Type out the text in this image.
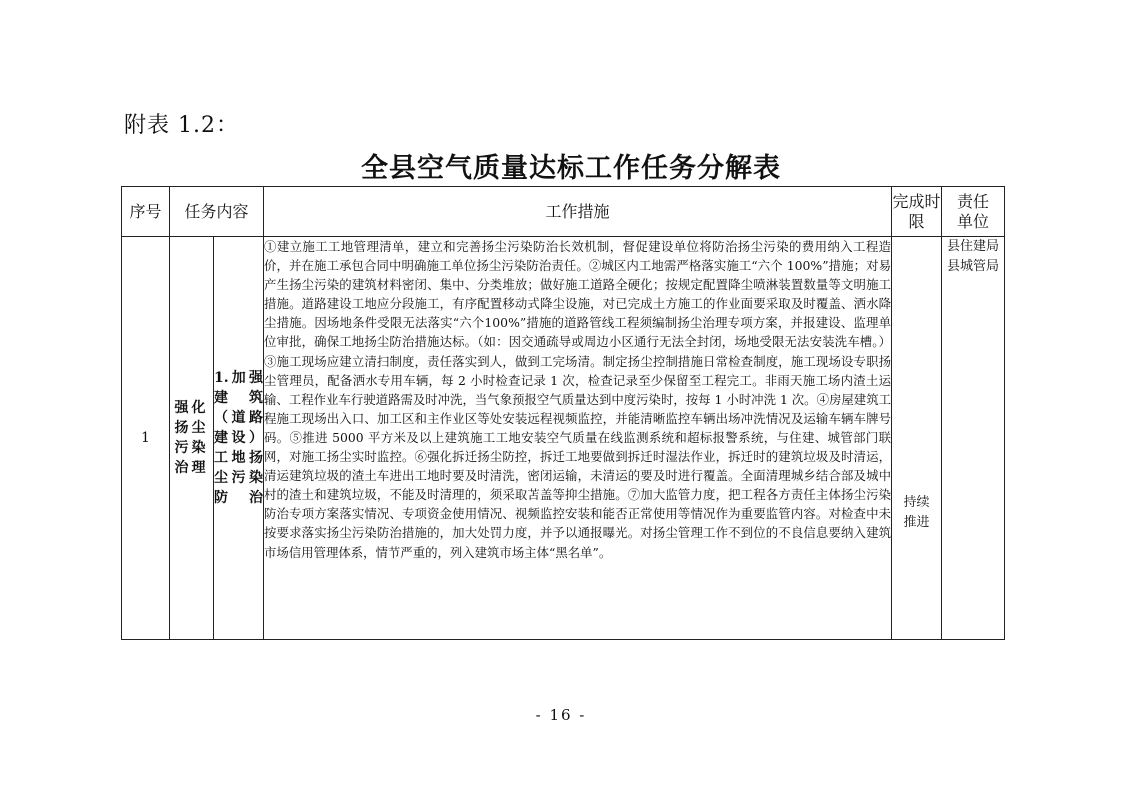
附表 1.2：
全县空气质量达标工作任务分解表
序号	任务内容		工作措施	完成时限	责任单位

1	强化扬尘污染治理	1.加强建筑（道路建设）工地扬尘污染防治	①建立施工工地管理清单，建立和完善扬尘污染防治长效机制，督促建设单位将防治扬尘污染的费用纳入工程造价，并在施工承包合同中明确施工单位扬尘污染防治责任。②城区内工地需严格落实施工“六个 100%”措施；对易产生扬尘污染的建筑材料密闭、集中、分类堆放；做好施工道路全硬化；按规定配置降尘喷淋装置数量等文明施工措施。道路建设工地应分段施工，有序配置移动式降尘设施，对已完成土方施工的作业面要采取及时覆盖、洒水降尘措施。因场地条件受限无法落实“六个100%”措施的道路管线工程须编制扬尘治理专项方案，并报建设、监理单位审批，确保工地扬尘防治措施达标。（如：因交通疏导或周边小区通行无法全封闭，场地受限无法安装洗车槽。）③施工现场应建立清扫制度，责任落实到人，做到工完场清。制定扬尘控制措施日常检查制度，施工现场设专职扬尘管理员，配备洒水专用车辆，每 2 小时检查记录 1 次，检查记录至少保留至工程完工。非雨天施工场内渣土运输、工程作业车行驶道路需及时冲洗，当气象预报空气质量达到中度污染时，按每 1 小时冲洗 1 次。④房屋建筑工程施工现场出入口、加工区和主作业区等处安装远程视频监控，并能清晰监控车辆出场冲洗情况及运输车辆车牌号码。⑤推进 5000 平方米及以上建筑施工工地安装空气质量在线监测系统和超标报警系统，与住建、城管部门联网，对施工扬尘实时监控。⑥强化拆迁扬尘防控，拆迁工地要做到拆迁时湿法作业，拆迁时的建筑垃圾及时清运，清运建筑垃圾的渣土车进出工地时要及时清洗，密闭运输，未清运的要及时进行覆盖。全面清理城乡结合部及城中村的渣土和建筑垃圾，不能及时清理的，须采取苫盖等抑尘措施。⑦加大监管力度，把工程各方责任主体扬尘污染防治专项方案落实情况、专项资金使用情况、视频监控安装和能否正常使用等情况作为重要监管内容。对检查中未按要求落实扬尘污染防治措施的，加大处罚力度，并予以通报曝光。对扬尘管理工作不到位的不良信息要纳入建筑市场信用管理体系，情节严重的，列入建筑市场主体“黑名单”。	持续推进	县住建局
县城管局
- 16 -
